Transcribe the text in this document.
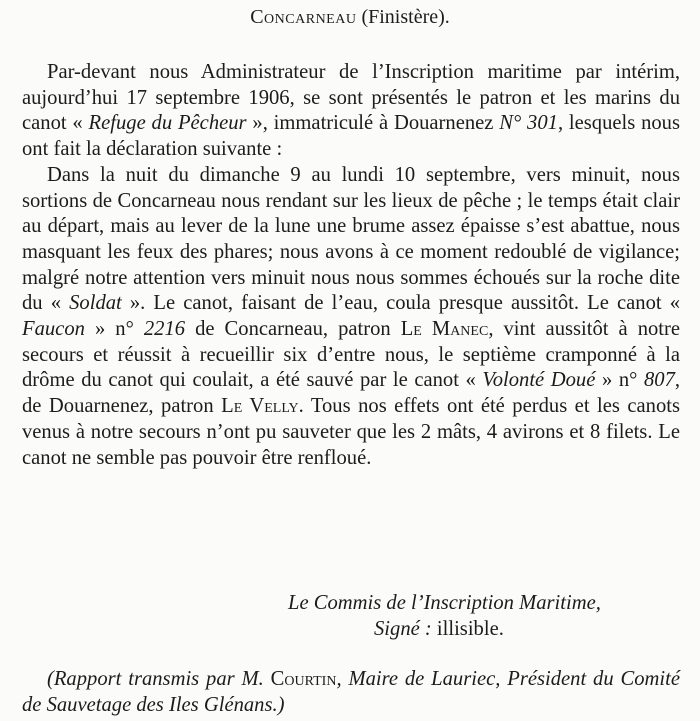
Concarneau (Finistère).

Par-devant nous Administrateur de l’Inscription maritime par intérim, aujourd’hui 17 septembre 1906, se sont présentés le patron et les marins du canot « Refuge du Pêcheur », immatriculé à Douarnenez N° 301, lesquels nous ont fait la déclaration suivante :

Dans la nuit du dimanche 9 au lundi 10 septembre, vers minuit, nous sortions de Concarneau nous rendant sur les lieux de pêche ; le temps était clair au départ, mais au lever de la lune une brume assez épaisse s’est abattue, nous masquant les feux des phares; nous avons à ce moment redoublé de vigilance; malgré notre attention vers minuit nous nous sommes échoués sur la roche dite du « Soldat ». Le canot, faisant de l’eau, coula presque aussitôt. Le canot « Faucon » n° 2216 de Concarneau, patron Le Manec, vint aussitôt à notre secours et réussit à recueillir six d’entre nous, le septième cramponné à la drôme du canot qui coulait, a été sauvé par le canot « Volonté Doué » n° 807, de Douarnenez, patron Le Velly. Tous nos effets ont été perdus et les canots venus à notre secours n’ont pu sauveter que les 2 mâts, 4 avirons et 8 filets. Le canot ne semble pas pouvoir être renfloué.

Le Commis de l’Inscription Maritime,
Signé : illisible.
(Rapport transmis par M. Courtin, Maire de Lauriec, Président du Comité de Sauvetage des Iles Glénans.)
